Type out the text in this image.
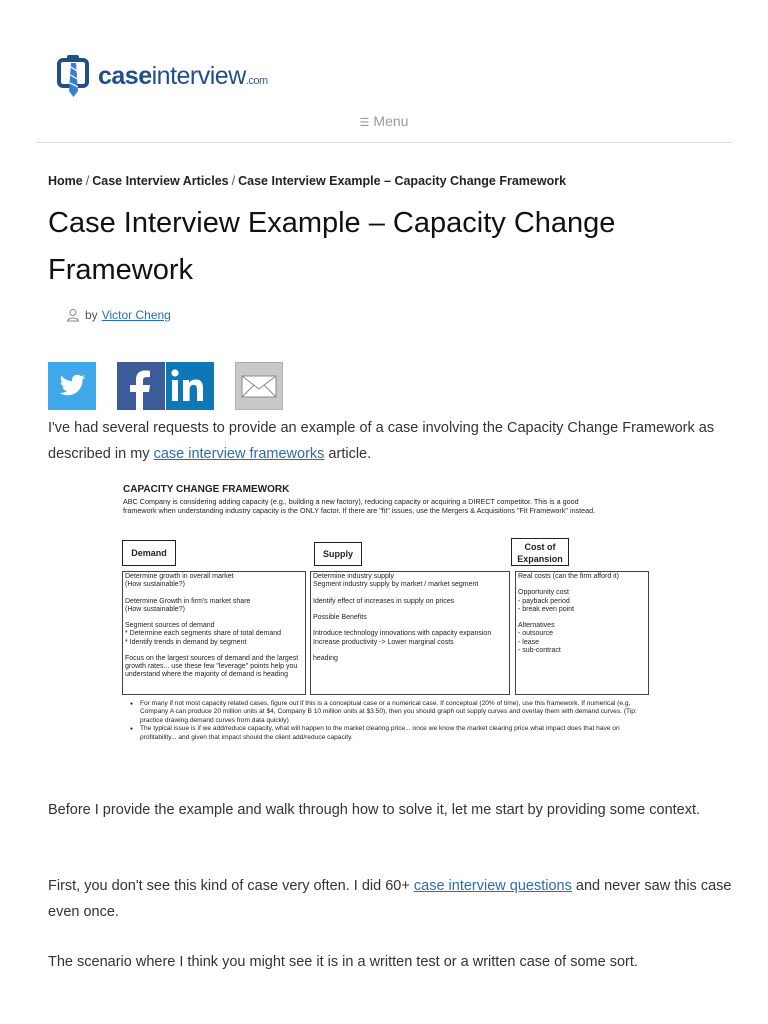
caseinterview.com
☰ Menu
Home / Case Interview Articles / Case Interview Example – Capacity Change Framework
Case Interview Example – Capacity Change Framework
by Victor Cheng

I've had several requests to provide an example of a case involving the Capacity Change Framework as described in my case interview frameworks article.

CAPACITY CHANGE FRAMEWORK
ABC Company is considering adding capacity (e.g., building a new factory), reducing capacity or acquiring a DIRECT competitor. This is a good framework when understanding industry capacity is the ONLY factor. If there are "fit" issues, use the Mergers & Acquisitions "Fit Framework" instead.
Demand	Supply
Cost of Expansion
Determine growth in overall market
(How sustainable?)

Determine Growth in firm's market share
(How sustainable?)

Segment sources of demand
* Determine each segments share of total demand
* Identify trends in demand by segment

Focus on the largest sources of demand and the largest growth rates... use these few "leverage" points help you understand where the majority of demand is heading
Determine industry supply
Segment industry supply by market / market segment

Identify effect of increases in supply on prices

Possible Benefits

Introduce technology innovations with capacity expansion
Increase productivity -> Lower marginal costs

heading
Real costs (can the firm afford it)

Opportunity cost
- payback period
- break even point

Alternatives
- outsource
- lease
- sub-contract
● For many if not most capacity related cases, figure out if this is a conceptual case or a numerical case. If conceptual (20% of time), use this framework. If numerical (e.g, Company A can produce 20 million units at $4, Company B 10 million units at $3.50), then you should graph out supply curves and overlay them with demand curves. (Tip: practice drawing demand curves from data quickly)
● The typical issue is if we add/reduce capacity, what will happen to the market clearing price... once we know the market clearing price what impact does that have on profitability... and given that impact should the client add/reduce capacity.

Before I provide the example and walk through how to solve it, let me start by providing some context.

First, you don't see this kind of case very often. I did 60+ case interview questions and never saw this case even once.

The scenario where I think you might see it is in a written test or a written case of some sort.
